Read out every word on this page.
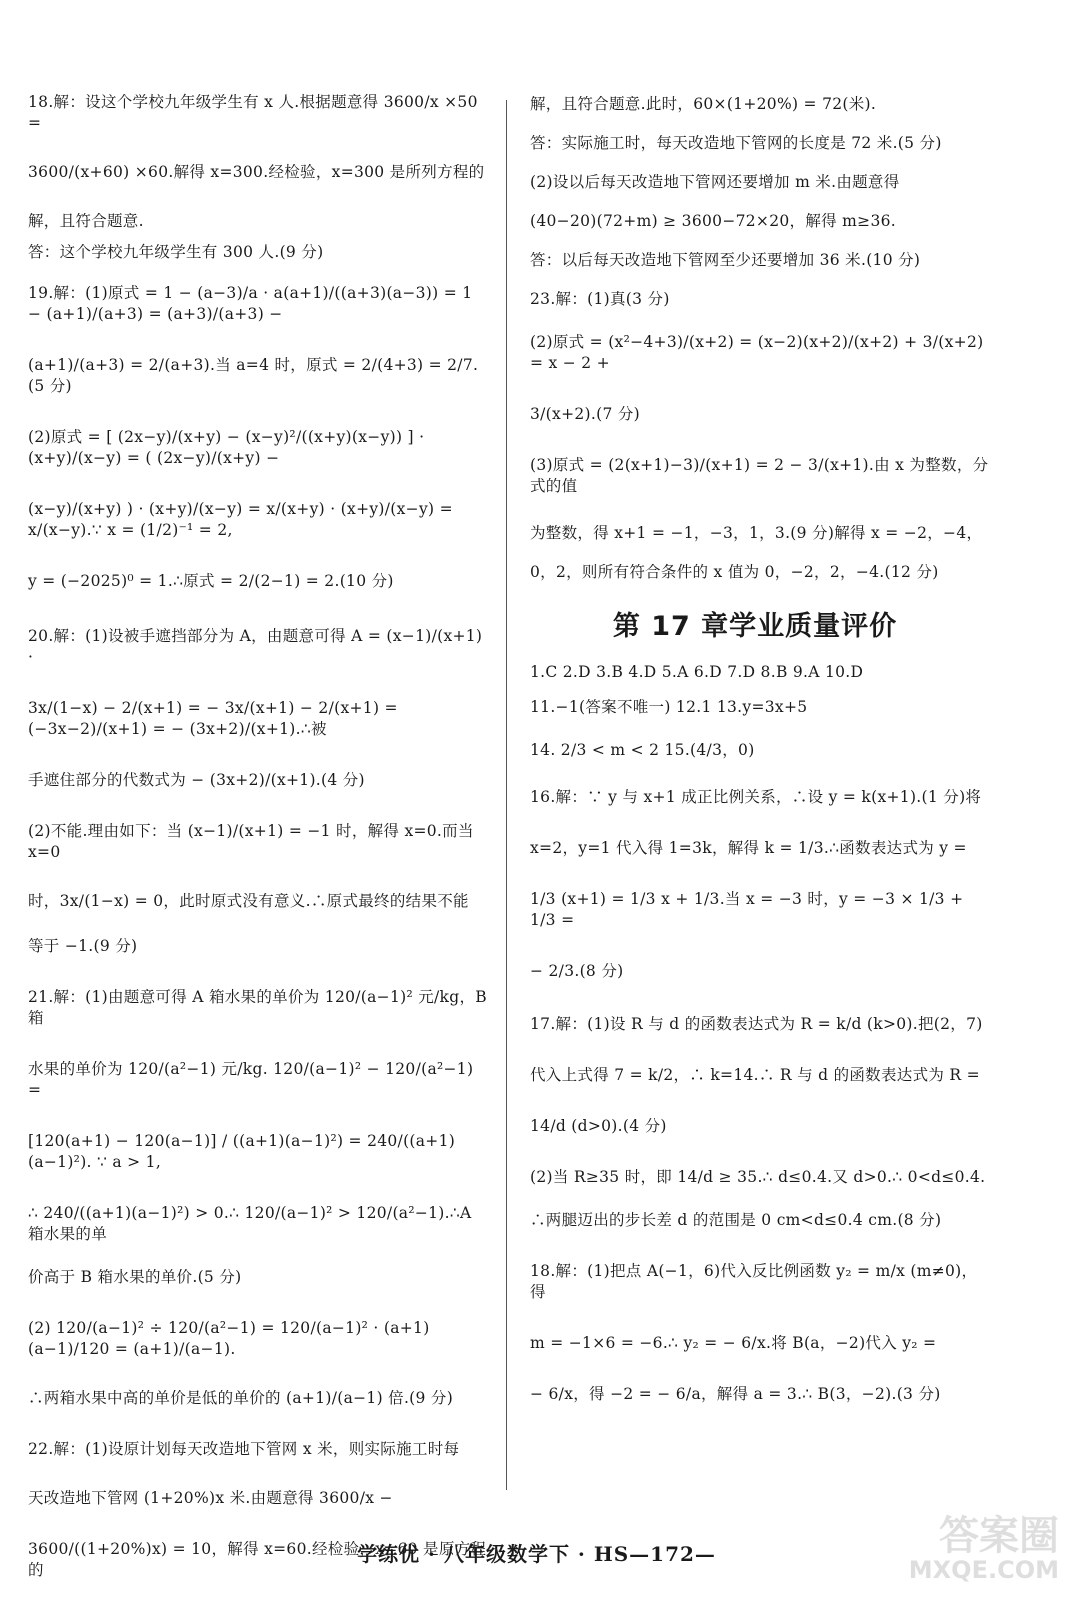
18.解：设这个学校九年级学生有 x 人.根据题意得 3600/x ×50 =

3600/(x+60) ×60.解得 x=300.经检验，x=300 是所列方程的

解，且符合题意.

答：这个学校九年级学生有 300 人.(9 分)

19.解：(1)原式 = 1 − (a−3)/a · a(a+1)/((a+3)(a−3)) = 1 − (a+1)/(a+3) = (a+3)/(a+3) −

(a+1)/(a+3) = 2/(a+3).当 a=4 时，原式 = 2/(4+3) = 2/7.(5 分)

(2)原式 = [ (2x−y)/(x+y) − (x−y)²/((x+y)(x−y)) ] · (x+y)/(x−y) = ( (2x−y)/(x+y) −

(x−y)/(x+y) ) · (x+y)/(x−y) = x/(x+y) · (x+y)/(x−y) = x/(x−y).∵ x = (1/2)⁻¹ = 2,

y = (−2025)⁰ = 1.∴原式 = 2/(2−1) = 2.(10 分)

20.解：(1)设被手遮挡部分为 A，由题意可得 A = (x−1)/(x+1) ·

3x/(1−x) − 2/(x+1) = − 3x/(x+1) − 2/(x+1) = (−3x−2)/(x+1) = − (3x+2)/(x+1).∴被

手遮住部分的代数式为 − (3x+2)/(x+1).(4 分)

(2)不能.理由如下：当 (x−1)/(x+1) = −1 时，解得 x=0.而当 x=0

时，3x/(1−x) = 0，此时原式没有意义.∴原式最终的结果不能

等于 −1.(9 分)

21.解：(1)由题意可得 A 箱水果的单价为 120/(a−1)² 元/kg，B 箱

水果的单价为 120/(a²−1) 元/kg. 120/(a−1)² − 120/(a²−1) =

[120(a+1) − 120(a−1)] / ((a+1)(a−1)²) = 240/((a+1)(a−1)²). ∵ a > 1,

∴ 240/((a+1)(a−1)²) > 0.∴ 120/(a−1)² > 120/(a²−1).∴A 箱水果的单

价高于 B 箱水果的单价.(5 分)

(2) 120/(a−1)² ÷ 120/(a²−1) = 120/(a−1)² · (a+1)(a−1)/120 = (a+1)/(a−1).

∴两箱水果中高的单价是低的单价的 (a+1)/(a−1) 倍.(9 分)

22.解：(1)设原计划每天改造地下管网 x 米，则实际施工时每

天改造地下管网 (1+20%)x 米.由题意得 3600/x −

3600/((1+20%)x) = 10，解得 x=60.经检验，x=60 是原方程的

解，且符合题意.此时，60×(1+20%) = 72(米).

答：实际施工时，每天改造地下管网的长度是 72 米.(5 分)

(2)设以后每天改造地下管网还要增加 m 米.由题意得

(40−20)(72+m) ≥ 3600−72×20，解得 m≥36.

答：以后每天改造地下管网至少还要增加 36 米.(10 分)

23.解：(1)真(3 分)

(2)原式 = (x²−4+3)/(x+2) = (x−2)(x+2)/(x+2) + 3/(x+2) = x − 2 +

3/(x+2).(7 分)

(3)原式 = (2(x+1)−3)/(x+1) = 2 − 3/(x+1).由 x 为整数，分式的值

为整数，得 x+1 = −1，−3，1，3.(9 分)解得 x = −2，−4，

0，2，则所有符合条件的 x 值为 0，−2，2，−4.(12 分)

第 17 章学业质量评价

1.C 2.D 3.B 4.D 5.A 6.D 7.D 8.B 9.A 10.D

11.−1(答案不唯一) 12.1 13.y=3x+5

14. 2/3 < m < 2 15.(4/3，0)

16.解：∵ y 与 x+1 成正比例关系，∴设 y = k(x+1).(1 分)将

x=2，y=1 代入得 1=3k，解得 k = 1/3.∴函数表达式为 y =

1/3 (x+1) = 1/3 x + 1/3.当 x = −3 时，y = −3 × 1/3 + 1/3 =

− 2/3.(8 分)

17.解：(1)设 R 与 d 的函数表达式为 R = k/d (k>0).把(2，7)

代入上式得 7 = k/2，∴ k=14.∴ R 与 d 的函数表达式为 R =

14/d (d>0).(4 分)

(2)当 R≥35 时，即 14/d ≥ 35.∴ d≤0.4.又 d>0.∴ 0<d≤0.4.

∴两腿迈出的步长差 d 的范围是 0 cm<d≤0.4 cm.(8 分)

18.解：(1)把点 A(−1，6)代入反比例函数 y₂ = m/x (m≠0)，得

m = −1×6 = −6.∴ y₂ = − 6/x.将 B(a，−2)代入 y₂ =

− 6/x，得 −2 = − 6/a，解得 a = 3.∴ B(3，−2).(3 分)

学练优 · 八年级数学下 · HS—172—	答案圈
MXQE.COM
